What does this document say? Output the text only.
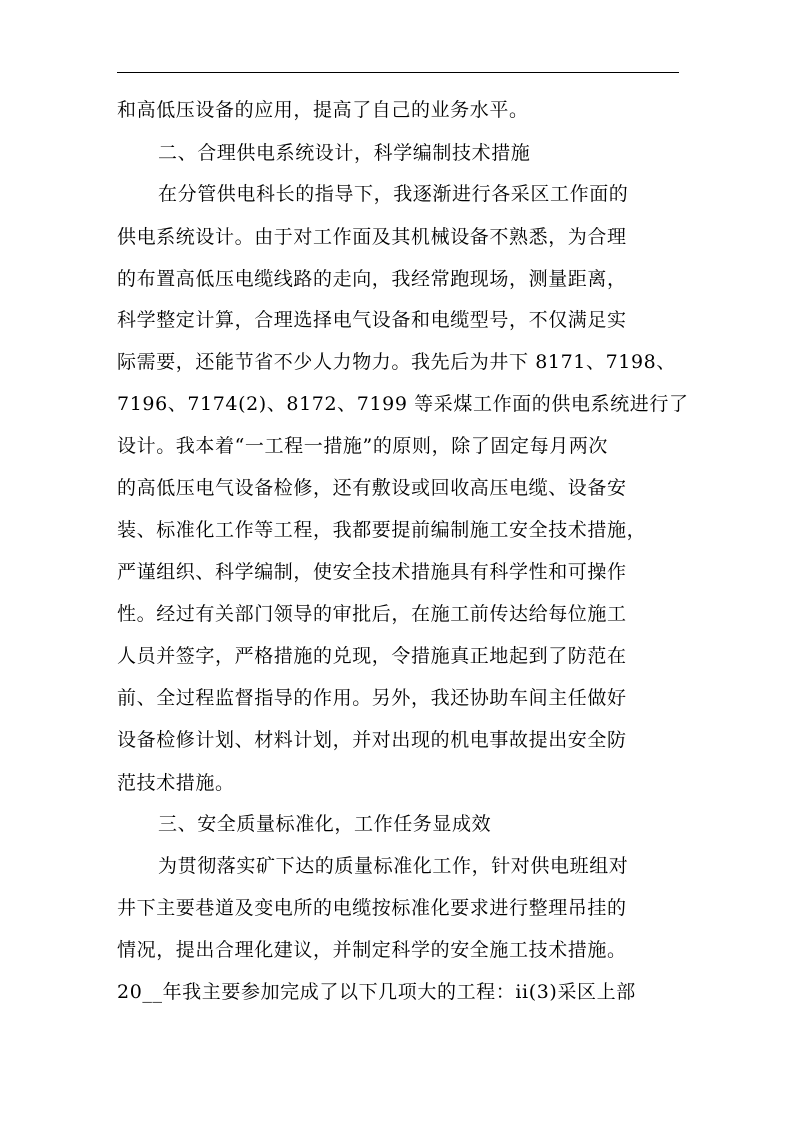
和高低压设备的应用，提高了自己的业务水平。
二、合理供电系统设计，科学编制技术措施
在分管供电科长的指导下，我逐渐进行各采区工作面的
供电系统设计。由于对工作面及其机械设备不熟悉，为合理
的布置高低压电缆线路的走向，我经常跑现场，测量距离，
科学整定计算，合理选择电气设备和电缆型号，不仅满足实
际需要，还能节省不少人力物力。我先后为井下 8171、7198、
7196、7174(2)、8172、7199 等采煤工作面的供电系统进行了
设计。我本着“一工程一措施”的原则，除了固定每月两次
的高低压电气设备检修，还有敷设或回收高压电缆、设备安
装、标准化工作等工程，我都要提前编制施工安全技术措施，
严谨组织、科学编制，使安全技术措施具有科学性和可操作
性。经过有关部门领导的审批后，在施工前传达给每位施工
人员并签字，严格措施的兑现，令措施真正地起到了防范在
前、全过程监督指导的作用。另外，我还协助车间主任做好
设备检修计划、材料计划，并对出现的机电事故提出安全防
范技术措施。
三、安全质量标准化，工作任务显成效
为贯彻落实矿下达的质量标准化工作，针对供电班组对
井下主要巷道及变电所的电缆按标准化要求进行整理吊挂的
情况，提出合理化建议，并制定科学的安全施工技术措施。
20__年我主要参加完成了以下几项大的工程：ii(3)采区上部
